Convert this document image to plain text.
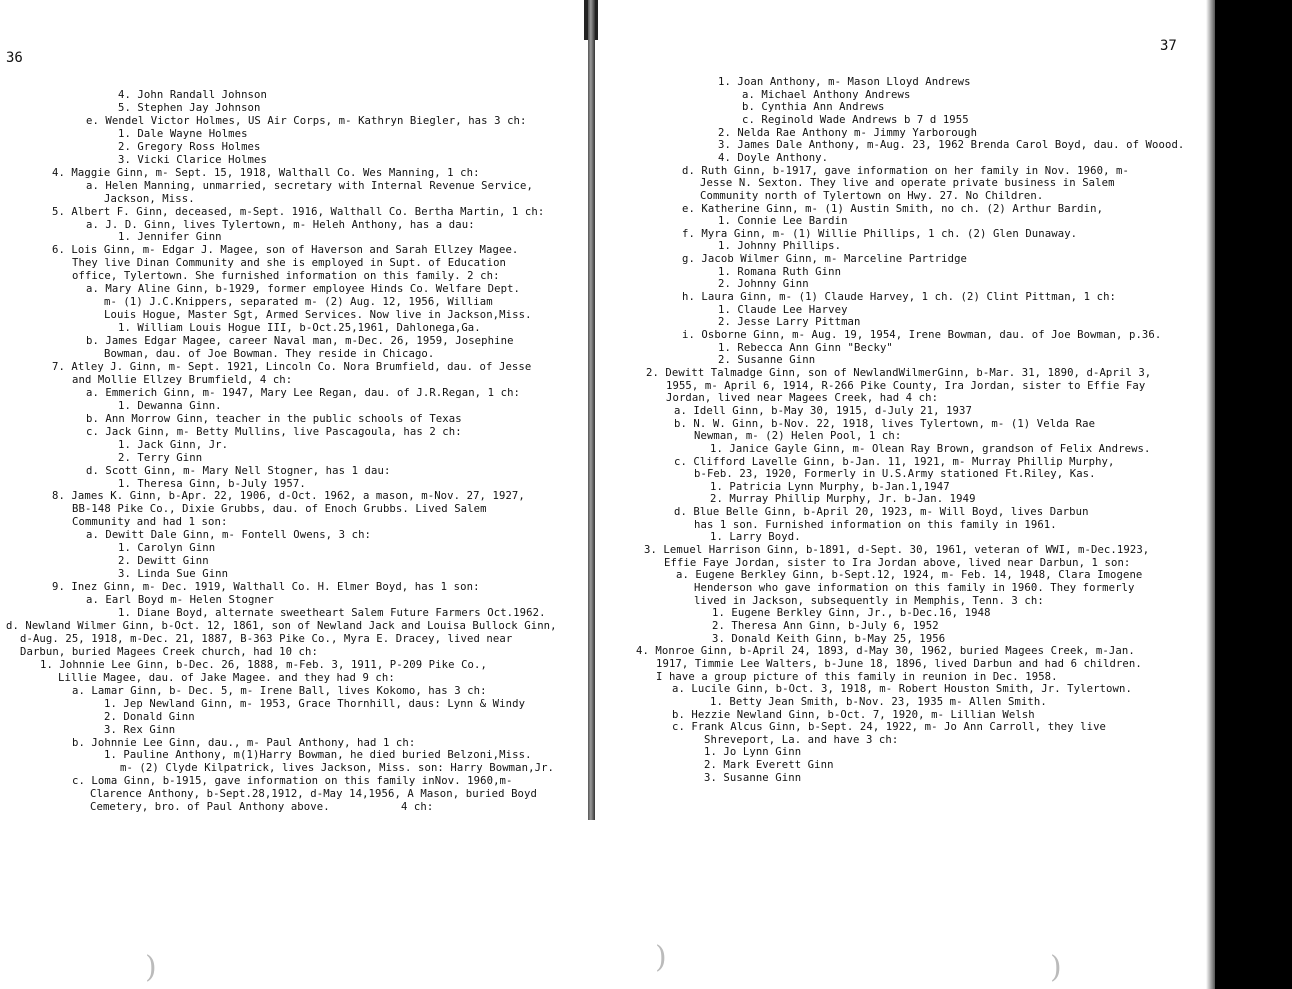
36
4. John Randall Johnson
5. Stephen Jay Johnson
e. Wendel Victor Holmes, US Air Corps, m- Kathryn Biegler, has 3 ch:
1. Dale Wayne Holmes
2. Gregory Ross Holmes
3. Vicki Clarice Holmes
4. Maggie Ginn, m- Sept. 15, 1918, Walthall Co. Wes Manning, 1 ch:
a. Helen Manning, unmarried, secretary with Internal Revenue Service,
Jackson, Miss.
5. Albert F. Ginn, deceased, m-Sept. 1916, Walthall Co. Bertha Martin, 1 ch:
a. J. D. Ginn, lives Tylertown, m- Heleh Anthony, has a dau:
1. Jennifer Ginn
6. Lois Ginn, m- Edgar J. Magee, son of Haverson and Sarah Ellzey Magee.
They live Dinan Community and she is employed in Supt. of Education
office, Tylertown. She furnished information on this family. 2 ch:
a. Mary Aline Ginn, b-1929, former employee Hinds Co. Welfare Dept.
m- (1) J.C.Knippers, separated m- (2) Aug. 12, 1956, William
Louis Hogue, Master Sgt, Armed Services. Now live in Jackson,Miss.
1. William Louis Hogue III, b-Oct.25,1961, Dahlonega,Ga.
b. James Edgar Magee, career Naval man, m-Dec. 26, 1959, Josephine
Bowman, dau. of Joe Bowman. They reside in Chicago.
7. Atley J. Ginn, m- Sept. 1921, Lincoln Co. Nora Brumfield, dau. of Jesse
and Mollie Ellzey Brumfield, 4 ch:
a. Emmerich Ginn, m- 1947, Mary Lee Regan, dau. of J.R.Regan, 1 ch:
1. Dewanna Ginn.
b. Ann Morrow Ginn, teacher in the public schools of Texas
c. Jack Ginn, m- Betty Mullins, live Pascagoula, has 2 ch:
1. Jack Ginn, Jr.
2. Terry Ginn
d. Scott Ginn, m- Mary Nell Stogner, has 1 dau:
1. Theresa Ginn, b-July 1957.
8. James K. Ginn, b-Apr. 22, 1906, d-Oct. 1962, a mason, m-Nov. 27, 1927,
BB-148 Pike Co., Dixie Grubbs, dau. of Enoch Grubbs. Lived Salem
Community and had 1 son:
a. Dewitt Dale Ginn, m- Fontell Owens, 3 ch:
1. Carolyn Ginn
2. Dewitt Ginn
3. Linda Sue Ginn
9. Inez Ginn, m- Dec. 1919, Walthall Co. H. Elmer Boyd, has 1 son:
a. Earl Boyd m- Helen Stogner
1. Diane Boyd, alternate sweetheart Salem Future Farmers Oct.1962.
d. Newland Wilmer Ginn, b-Oct. 12, 1861, son of Newland Jack and Louisa Bullock Ginn,
d-Aug. 25, 1918, m-Dec. 21, 1887, B-363 Pike Co., Myra E. Dracey, lived near
Darbun, buried Magees Creek church, had 10 ch:
1. Johnnie Lee Ginn, b-Dec. 26, 1888, m-Feb. 3, 1911, P-209 Pike Co.,
Lillie Magee, dau. of Jake Magee. and they had 9 ch:
a. Lamar Ginn, b- Dec. 5, m- Irene Ball, lives Kokomo, has 3 ch:
1. Jep Newland Ginn, m- 1953, Grace Thornhill, daus: Lynn & Windy
2. Donald Ginn
3. Rex Ginn
b. Johnnie Lee Ginn, dau., m- Paul Anthony, had 1 ch:
1. Pauline Anthony, m(1)Harry Bowman, he died buried Belzoni,Miss.
m- (2) Clyde Kilpatrick, lives Jackson, Miss. son: Harry Bowman,Jr.
c. Loma Ginn, b-1915, gave information on this family inNov. 1960,m-
Clarence Anthony, b-Sept.28,1912, d-May 14,1956, A Mason, buried Boyd
Cemetery, bro. of Paul Anthony above.           4 ch:
)
37
1. Joan Anthony, m- Mason Lloyd Andrews
a. Michael Anthony Andrews
b. Cynthia Ann Andrews
c. Reginold Wade Andrews b 7 d 1955
2. Nelda Rae Anthony m- Jimmy Yarborough
3. James Dale Anthony, m-Aug. 23, 1962 Brenda Carol Boyd, dau. of Woood.
4. Doyle Anthony.
d. Ruth Ginn, b-1917, gave information on her family in Nov. 1960, m-
Jesse N. Sexton. They live and operate private business in Salem
Community north of Tylertown on Hwy. 27. No Children.
e. Katherine Ginn, m- (1) Austin Smith, no ch. (2) Arthur Bardin,
1. Connie Lee Bardin
f. Myra Ginn, m- (1) Willie Phillips, 1 ch. (2) Glen Dunaway.
1. Johnny Phillips.
g. Jacob Wilmer Ginn, m- Marceline Partridge
1. Romana Ruth Ginn
2. Johnny Ginn
h. Laura Ginn, m- (1) Claude Harvey, 1 ch. (2) Clint Pittman, 1 ch:
1. Claude Lee Harvey
2. Jesse Larry Pittman
i. Osborne Ginn, m- Aug. 19, 1954, Irene Bowman, dau. of Joe Bowman, p.36.
1. Rebecca Ann Ginn "Becky"
2. Susanne Ginn
2. Dewitt Talmadge Ginn, son of NewlandWilmerGinn, b-Mar. 31, 1890, d-April 3,
1955, m- April 6, 1914, R-266 Pike County, Ira Jordan, sister to Effie Fay
Jordan, lived near Magees Creek, had 4 ch:
a. Idell Ginn, b-May 30, 1915, d-July 21, 1937
b. N. W. Ginn, b-Nov. 22, 1918, lives Tylertown, m- (1) Velda Rae
Newman, m- (2) Helen Pool, 1 ch:
1. Janice Gayle Ginn, m- Olean Ray Brown, grandson of Felix Andrews.
c. Clifford Lavelle Ginn, b-Jan. 11, 1921, m- Murray Phillip Murphy,
b-Feb. 23, 1920, Formerly in U.S.Army stationed Ft.Riley, Kas.
1. Patricia Lynn Murphy, b-Jan.1,1947
2. Murray Phillip Murphy, Jr. b-Jan. 1949
d. Blue Belle Ginn, b-April 20, 1923, m- Will Boyd, lives Darbun
has 1 son. Furnished information on this family in 1961.
1. Larry Boyd.
3. Lemuel Harrison Ginn, b-1891, d-Sept. 30, 1961, veteran of WWI, m-Dec.1923,
Effie Faye Jordan, sister to Ira Jordan above, lived near Darbun, 1 son:
a. Eugene Berkley Ginn, b-Sept.12, 1924, m- Feb. 14, 1948, Clara Imogene
Henderson who gave information on this family in 1960. They formerly
lived in Jackson, subsequently in Memphis, Tenn. 3 ch:
1. Eugene Berkley Ginn, Jr., b-Dec.16, 1948
2. Theresa Ann Ginn, b-July 6, 1952
3. Donald Keith Ginn, b-May 25, 1956
4. Monroe Ginn, b-April 24, 1893, d-May 30, 1962, buried Magees Creek, m-Jan.
1917, Timmie Lee Walters, b-June 18, 1896, lived Darbun and had 6 children.
I have a group picture of this family in reunion in Dec. 1958.
a. Lucile Ginn, b-Oct. 3, 1918, m- Robert Houston Smith, Jr. Tylertown.
1. Betty Jean Smith, b-Nov. 23, 1935 m- Allen Smith.
b. Hezzie Newland Ginn, b-Oct. 7, 1920, m- Lillian Welsh
c. Frank Alcus Ginn, b-Sept. 24, 1922, m- Jo Ann Carroll, they live
Shreveport, La. and have 3 ch:
1. Jo Lynn Ginn
2. Mark Everett Ginn
3. Susanne Ginn
)	)
